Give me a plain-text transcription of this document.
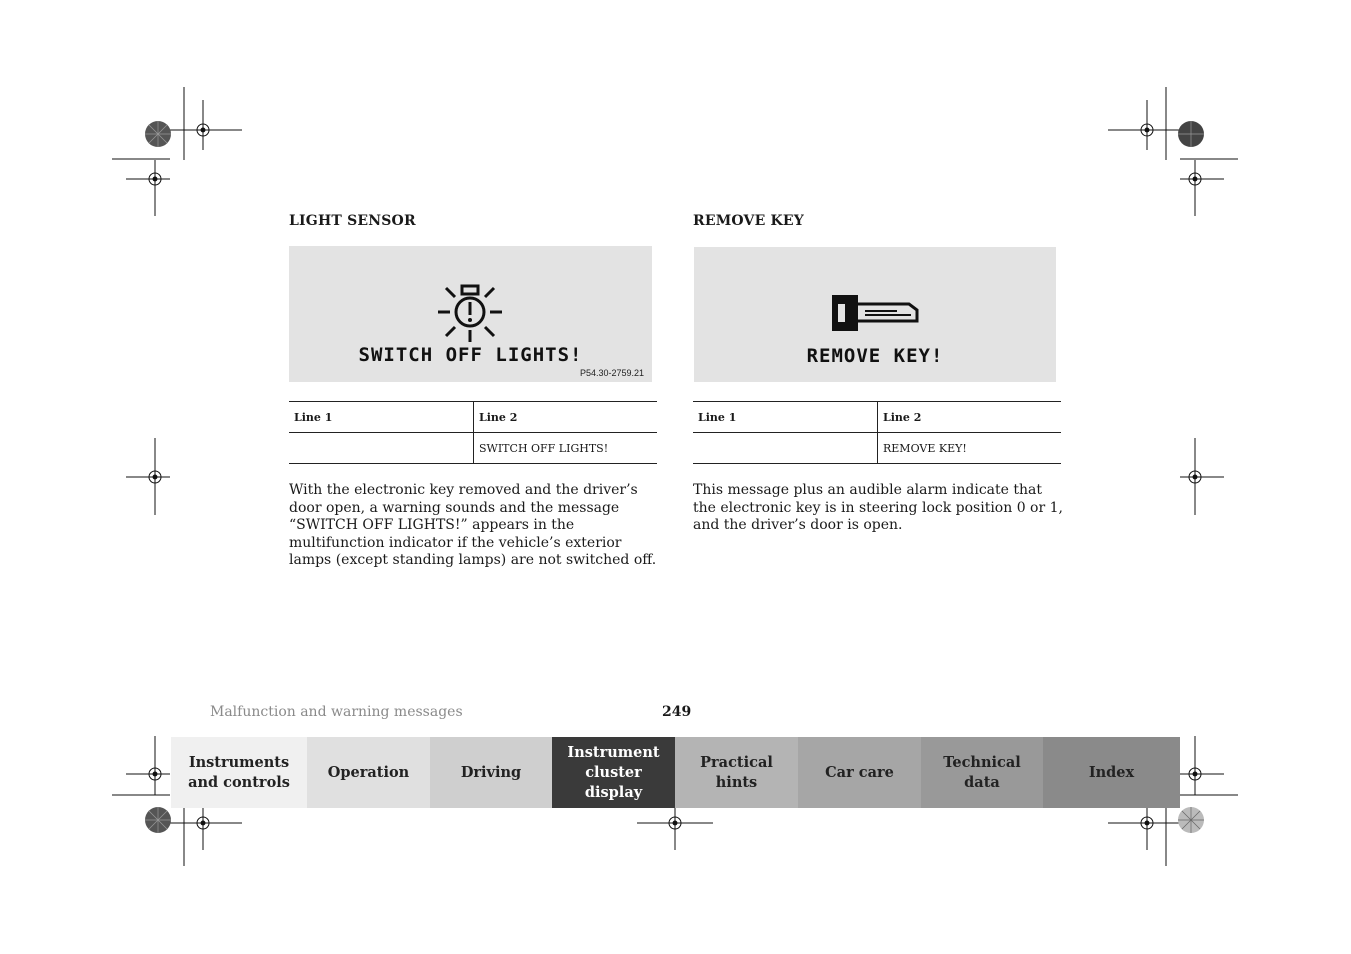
LIGHT SENSOR
SWITCH OFF LIGHTS!
P54.30-2759.21
Line 1	Line 2
	SWITCH OFF LIGHTS!
With the electronic key removed and the driver’s door open, a warning sounds and the message “SWITCH OFF LIGHTS!” appears in the multifunction indicator if the vehicle’s exterior lamps (except standing lamps) are not switched off.
REMOVE KEY
REMOVE KEY!
Line 1	Line 2
	REMOVE KEY!
This message plus an audible alarm indicate that the electronic key is in steering lock position 0 or 1, and the driver’s door is open.
Malfunction and warning messages	249
Instruments
and controls
Operation	Driving
Instrument
cluster display
Practical hints
Car care
Technical
data
Index
